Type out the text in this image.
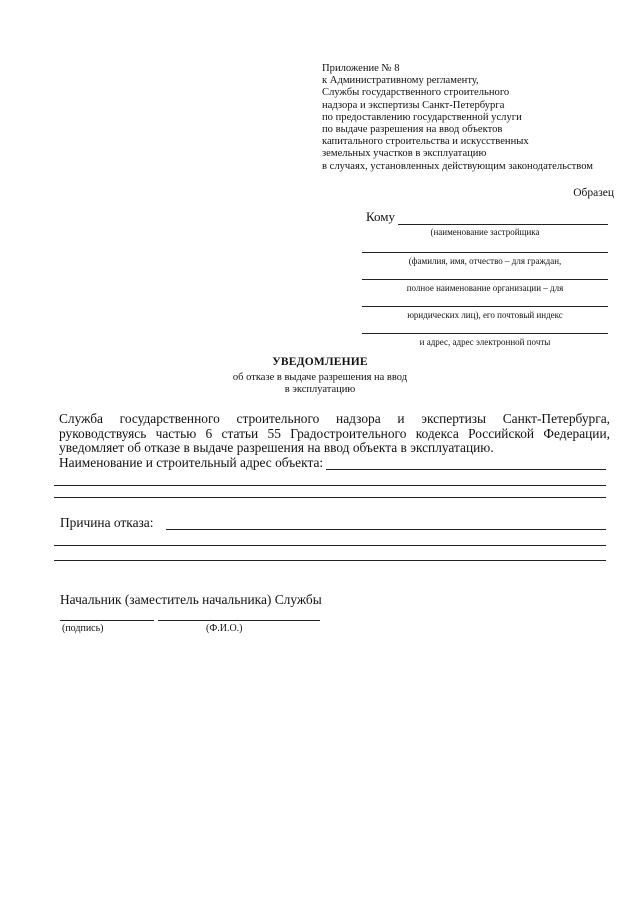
Приложение № 8
к Административному регламенту,
Службы государственного строительного
надзора и экспертизы Санкт-Петербурга
по предоставлению государственной услуги
по выдаче разрешения на ввод объектов
капитального строительства и искусственных
земельных участков в эксплуатацию
в случаях, установленных действующим законодательством
Образец
Кому
(наименование застройщика
(фамилия, имя, отчество – для граждан,
полное наименование организации – для
юридических лиц), его почтовый индекс
и адрес, адрес электронной почты
УВЕДОМЛЕНИЕ
об отказе в выдаче разрешения на ввод
в эксплуатацию
Служба государственного строительного надзора и экспертизы Санкт-Петербурга, руководствуясь частью 6 статьи 55 Градостроительного кодекса Российской Федерации, уведомляет об отказе в выдаче разрешения на ввод объекта в эксплуатацию.
Наименование и строительный адрес объекта:
Причина отказа:
Начальник (заместитель начальника) Службы
(подпись)	(Ф.И.О.)
